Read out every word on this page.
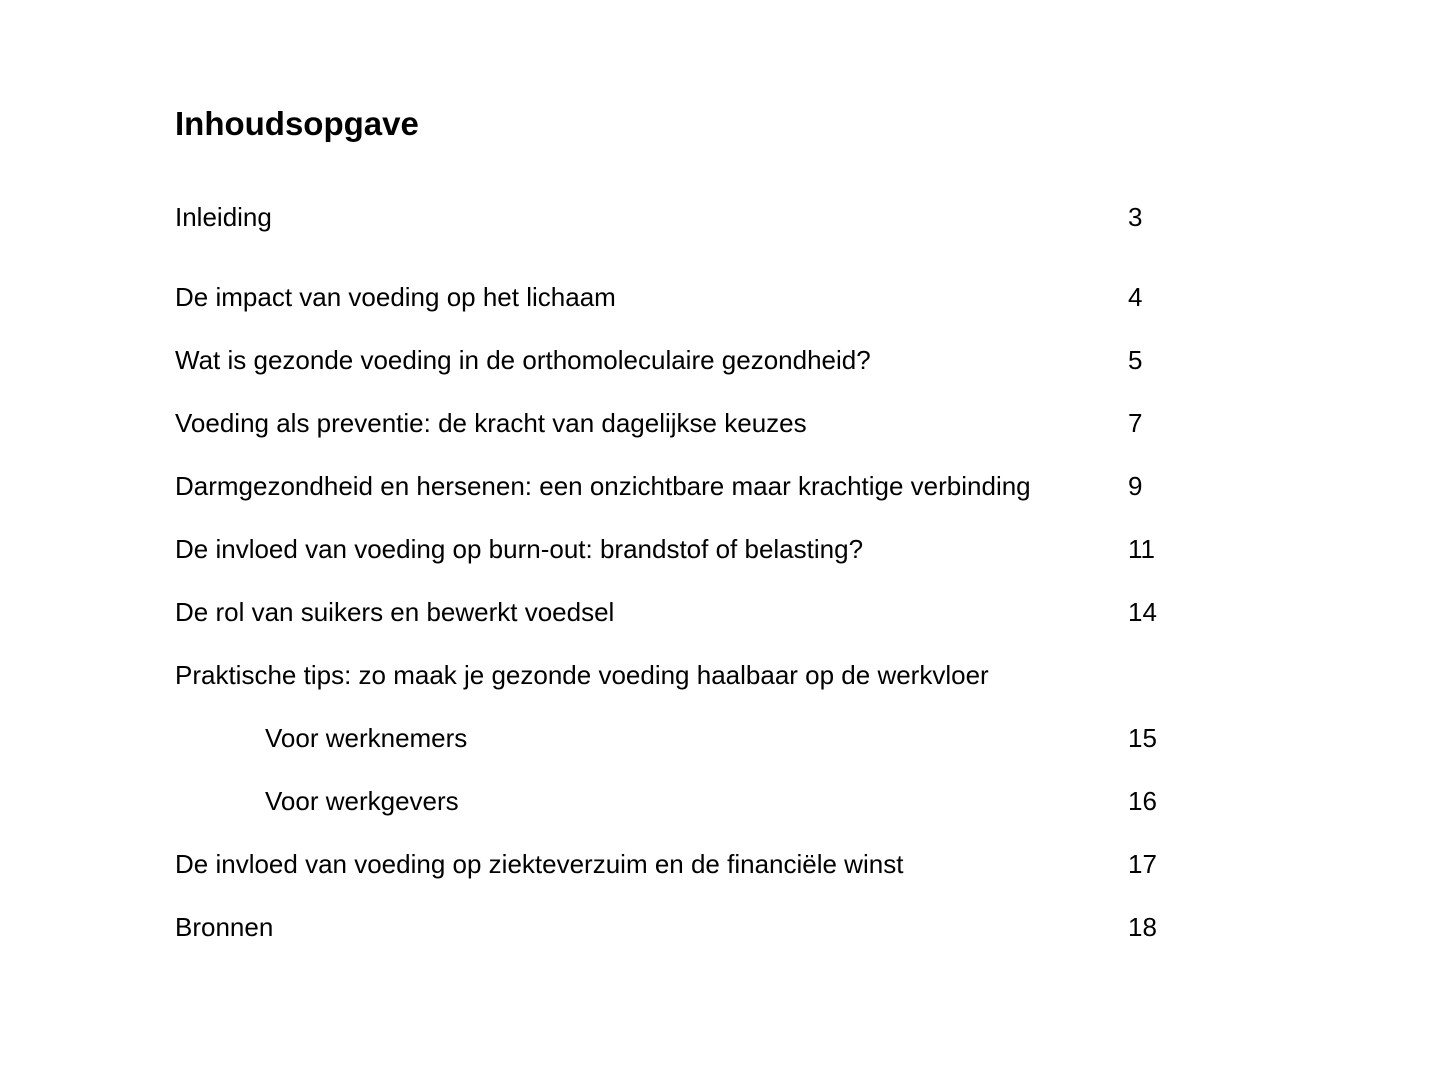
Inhoudsopgave
Inleiding	3
De impact van voeding op het lichaam	4
Wat is gezonde voeding in de orthomoleculaire gezondheid?	5
Voeding als preventie: de kracht van dagelijkse keuzes	7
Darmgezondheid en hersenen: een onzichtbare maar krachtige verbinding	9
De invloed van voeding op burn-out: brandstof of belasting?	11
De rol van suikers en bewerkt voedsel	14
Praktische tips: zo maak je gezonde voeding haalbaar op de werkvloer
Voor werknemers	15
Voor werkgevers	16
De invloed van voeding op ziekteverzuim en de financiële winst	17
Bronnen	18
